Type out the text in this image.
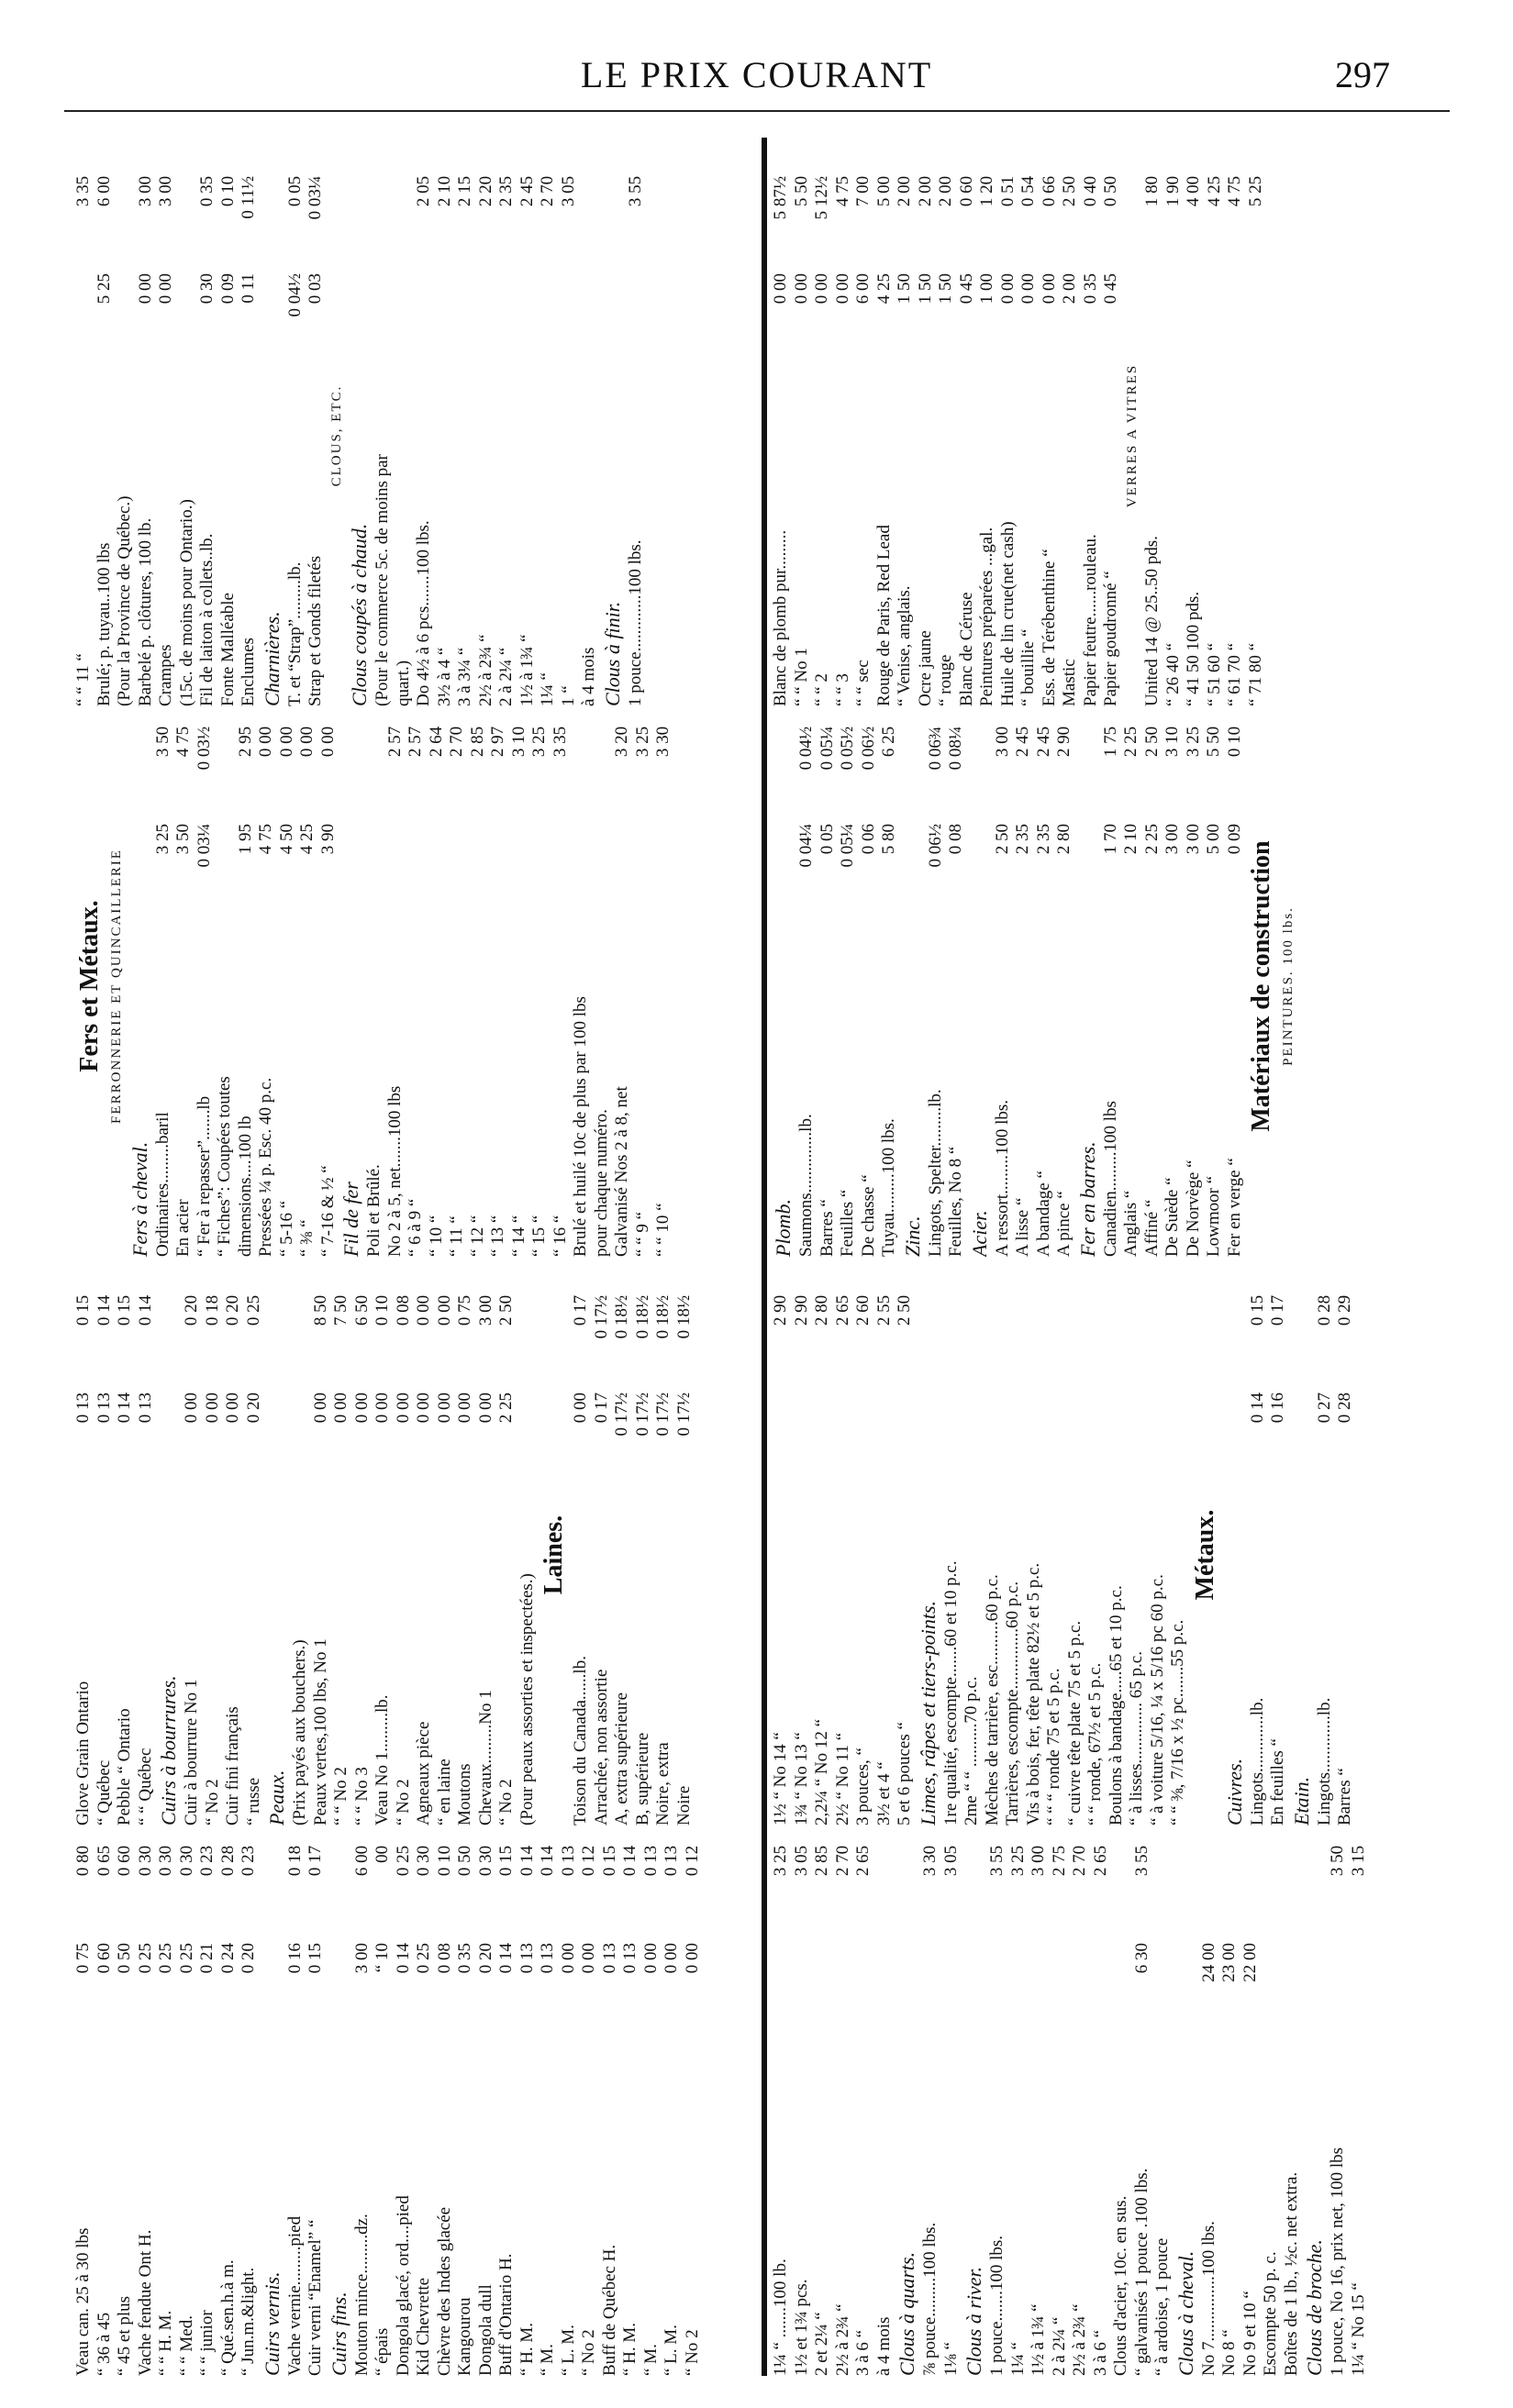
LE PRIX COURANT	297
Veau can. 25 à 30 lbs0 750 80
“ 36 à 450 600 65
“ 45 et plus0 500 60
Vache fendue Ont H.0 250 30
“ “ H. M.0 250 30
“ “ Med.0 250 30
“ “ junior0 210 23
“ Qué.sen.h.à m.0 240 28
“ Jun.m.&light.0 200 23
Cuirs vernis. Vache vernie.........pied0 160 18
Cuir verni “Enamel” “0 150 17
Cuirs fins. Mouton mince.........dz.3 006 00
“ épais“ 1000
Dongola glacé, ord....pied0 140 25
Kid Chevrette0 250 30
Chèvre des Indes glacée0 080 10
Kangourou0 350 50
Dongola dull0 200 30
Buff d'Ontario H.0 140 15
“ H. M.0 130 14
“ M.0 130 14
“ L. M.0 000 13
“ No 20 000 12
Buff de Québec H.0 130 15
“ H. M.0 130 14
“ M.0 000 13
“ L. M.0 000 13
“ No 20 000 12
Glove Grain Ontario0 130 15
“ Québec0 130 14
Pebble “ Ontario0 140 15
“ “ Québec0 130 14
Cuirs à bourrures. Cuir à bourrure No 10 000 20
“ No 20 000 18
Cuir fini français0 000 20
“ russe0 200 25
Peaux. (Prix payés aux bouchers.) Peaux vertes,100 lbs, No 10 008 50
“ “ No 20 007 50
“ “ No 30 006 50
Veau No 1.........lb.0 000 10
“ No 20 000 08
Agneaux pièce0 000 00
“ en laine0 000 00
Moutons0 000 75
Chevaux.........No 10 003 00
“ No 22 252 50
(Pour peaux assorties et inspectées.)
Laines.
Toison du Canada......lb.0 000 17
Arrachée, non assortie0 170 17½
A, extra supérieure0 17½0 18½
B, supérieure0 17½0 18½
Noire, extra0 17½0 18½
Noire0 17½0 18½
Fers et Métaux. FERRONNERIE ET QUINCAILLERIE
Fers à cheval. Ordinaires.........baril3 253 50
En acier3 504 75
“ Fer à repasser”.......lb0 03¼0 03½
“ Fiches”: Coupées toutes dimensions....100 lb1 952 95
Pressées ¼ p. Esc. 40 p.c.4 750 00
“ 5-16 “4 500 00
“ ⅜ “4 250 00
“ 7-16 & ½ “3 900 00
Fil de fer Poli et Brûlé. No 2 à 5, net.......100 lbs2 57
“ 6 à 9 “2 57
“ 10 “2 64
“ 11 “2 70
“ 12 “2 85
“ 13 “2 97
“ 14 “3 10
“ 15 “3 25
“ 16 “3 35
Brulé et huilé 10c de plus par 100 lbs pour chaque numéro. Galvanisé Nos 2 à 8, net3 20
“ “ 9 “3 25
“ “ 10 “3 30
“ “ 11 “3 35
Brulé; p. tuyau..100 lbs5 256 00
(Pour la Province de Québec.) Barbelé p. clôtures, 100 lb.0 003 00
Crampes0 003 00
(15c. de moins pour Ontario.) Fil de laiton à collets..lb.0 300 35
Fonte Malléable0 090 10
Enclumes0 110 11½
Charnières. T. et “Strap”.........lb.0 04½0 05
Strap et Gonds filetés0 030 03¼
CLOUS, ETC.
Clous coupés à chaud. (Pour le commerce 5c. de moins par quart.) Do 4½ à 6 pcs.......100 lbs.2 05
3½ à 4 “2 10
3 à 3¼ “2 15
2½ à 2¾ “2 20
2 à 2¼ “2 35
1½ à 1¾ “2 45
1¼ “2 70
1 “3 05
à 4 mois Clous à finir. 1 pouce.............100 lbs.3 55
1¼ “ .......100 lb.3 25
1½ et 1¾ pcs.3 05
2 et 2¼ “2 85
2½ à 2¾ “2 70
3 à 6 “2 65
à 4 mois Clous à quarts. ⅞ pouce.........100 lbs.3 30
1⅛ “3 05
Clous à river. 1 pouce.......100 lbs.3 55
1¼ “3 25
1½ à 1¾ “3 00
2 à 2¼ “2 75
2½ à 2¾ “2 70
3 à 6 “2 65
Clous d'acier, 10c. en sus. “ galvanisés 1 pouce .100 lbs.6 303 55
“ à ardoise, 1 pouce Clous à cheval. No 7...............100 lbs.24 00
No 8 “23 00
No 9 et 10 “22 00
Escompte 50 p. c. Boîtes de 1 lb., ½c. net extra. Clous de broche. 1 pouce, No 16, prix net, 100 lbs3 50
1¼ “ No 15 “3 15
1½ “ No 14 “2 90
1¾ “ No 13 “2 90
2,2¼ “ No 12 “2 80
2½ “ No 11 “2 65
3 pouces, “2 60
3½ et 4 “2 55
5 et 6 pouces “2 50
Limes, râpes et tiers-points. 1re qualité, escompte.......60 et 10 p.c. 2me “ “ ..........70 p.c. Mèches de tarrière, esc..........60 p.c. Tarrières, escompte..............60 p.c. Vis à bois, fer, tête plate 82½ et 5 p.c. “ “ “ ronde 75 et 5 p.c. “ cuivre tête plate 75 et 5 p.c. “ “ ronde, 67½ et 5 p.c. Boulons à bandage.....65 et 10 p.c. “ à lisses.............. 65 p.c. “ à voiture 5/16, ¼ x 5/16 pc 60 p.c. “ “ ⅜, 7/16 x ½ pc.......55 p.c.
Métaux.
Cuivres. Lingots.............lb.0 140 15
En feuilles “0 160 17
Etain. Lingots.............lb.0 270 28
Barres “0 280 29
Plomb. Saumons..............lb.0 04¼0 04½
Barres “0 050 05¼
Feuilles “0 05¼0 05½
De chasse “0 060 06½
Tuyau.........100 lbs.5 806 25
Zinc. Lingots, Spelter.........lb.0 06½0 06¾
Feuilles, No 8 “0 080 08¼
Acier. A ressort.........100 lbs.2 503 00
A lisse “2 352 45
A bandage “2 352 45
A pince “2 802 90
Fer en barres. Canadien.........100 lbs1 701 75
Anglais “2 102 25
Affiné “2 252 50
De Suède “3 003 10
De Norvège “3 003 25
Lowmoor “5 005 50
Fer en verge “0 090 10
Matériaux de construction PEINTURES. 100 lbs.
Blanc de plomb pur.........0 005 87½
“ “ No 10 005 50
“ “ 20 005 12½
“ “ 30 004 75
“ “ sec6 007 00
Rouge de Paris, Red Lead4 255 00
“ Venise, anglais.1 502 00
Ocre jaune1 502 00
“ rouge1 502 00
Blanc de Céruse0 450 60
Peintures préparées ...gal.1 001 20
Huile de lin crue(net cash)0 000 51
“ bouillie “0 000 54
Ess. de Térébenthine “0 000 66
Mastic2 002 50
Papier feutre......rouleau.0 350 40
Papier goudronné “0 450 50
VERRES A VITRES
United 14 @ 25..50 pds.1 80
“ 26 40 “1 90
“ 41 50 100 pds.4 00
“ 51 60 “4 25
“ 61 70 “4 75
“ 71 80 “5 25
